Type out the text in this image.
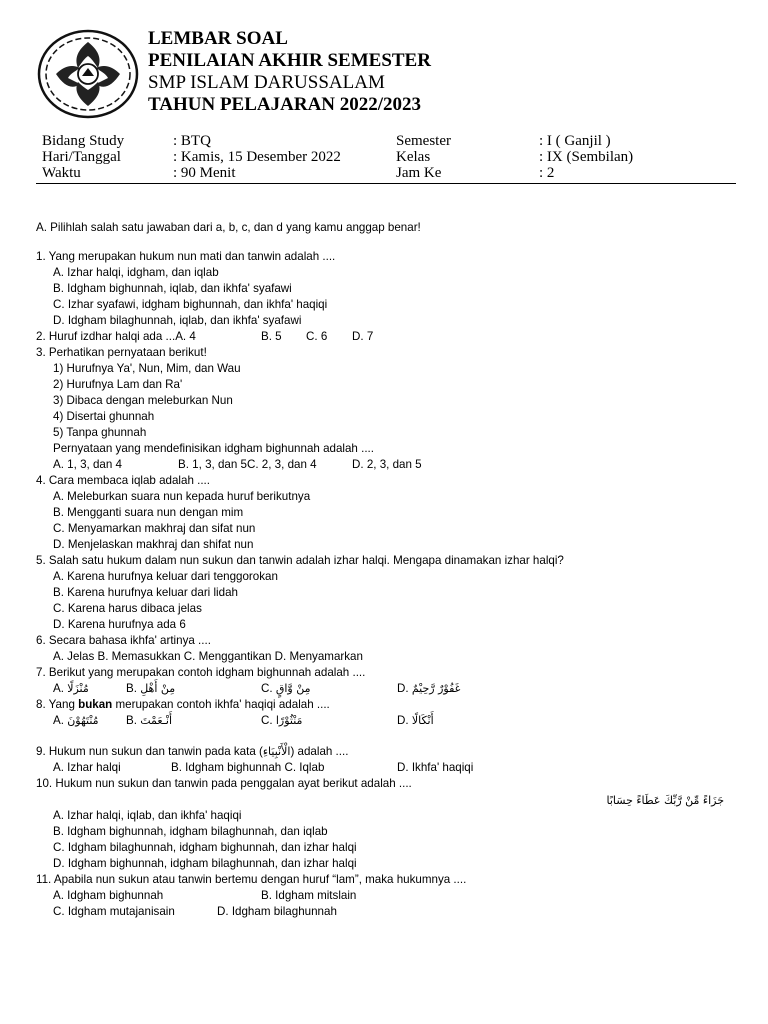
LEMBAR SOAL
PENILAIAN AKHIR SEMESTER
SMP ISLAM DARUSSALAM
TAHUN PELAJARAN 2022/2023
Bidang Study	: BTQ	Semester	: I ( Ganjil )
Hari/Tanggal	: Kamis, 15 Desember 2022	Kelas	: IX (Sembilan)
Waktu	: 90 Menit	Jam Ke	: 2
A. Pilihlah salah satu jawaban dari a, b, c, dan d yang kamu anggap benar!
1. Yang merupakan hukum nun mati dan tanwin adalah ....
A. Izhar halqi, idgham, dan iqlab
B. Idgham bighunnah, iqlab, dan ikhfa' syafawi
C. Izhar syafawi, idgham bighunnah, dan ikhfa' haqiqi
D. Idgham bilaghunnah, iqlab, dan ikhfa' syafawi
2. Huruf izdhar halqi ada ...A. 4	B. 5 C. 6 D. 7
3. Perhatikan pernyataan berikut!
1) Hurufnya Ya', Nun, Mim, dan Wau
2) Hurufnya Lam dan Ra'
3) Dibaca dengan meleburkan Nun
4) Disertai ghunnah
5) Tanpa ghunnah
Pernyataan yang mendefinisikan idgham bighunnah adalah ....
A. 1, 3, dan 4	B. 1, 3, dan 5C. 2, 3, dan 4	D. 2, 3, dan 5
4. Cara membaca iqlab adalah ....
A. Meleburkan suara nun kepada huruf berikutnya
B. Mengganti suara nun dengan mim
C. Menyamarkan makhraj dan sifat nun
D. Menjelaskan makhraj dan shifat nun
5. Salah satu hukum dalam nun sukun dan tanwin adalah izhar halqi. Mengapa dinamakan izhar halqi?
A. Karena hurufnya keluar dari tenggorokan
B. Karena hurufnya keluar dari lidah
C. Karena harus dibaca jelas
D. Karena hurufnya ada 6
6. Secara bahasa ikhfa' artinya ....
A. Jelas B. Memasukkan C. Menggantikan D. Menyamarkan
7. Berikut yang merupakan contoh idgham bighunnah adalah ....
A. مُنْزَلًا	B. مِنْ أَهْلِ	C. مِنْ وَّاقٍ	D. غَفُوْرٌ رَّحِيْمٌ
8. Yang bukan merupakan contoh ikhfa' haqiqi adalah ....
A. مُنْتَهُوْنَ B. أَنْـعَمْتَ	C. مَنْثُوْرًا	D. أَنْكَالًا
9. Hukum nun sukun dan tanwin pada kata (الْأَنْبِيَاءِ) adalah ....
A. Izhar halqi	B. Idgham bighunnah C. Iqlab	D. Ikhfa' haqiqi
10. Hukum nun sukun dan tanwin pada penggalan ayat berikut adalah ....
جَزَاءً مِّنْ رَّبِّكَ عَطَاءً حِسَابًا
A. Izhar halqi, iqlab, dan ikhfa' haqiqi
B. Idgham bighunnah, idgham bilaghunnah, dan iqlab
C. Idgham bilaghunnah, idgham bighunnah, dan izhar halqi
D. Idgham bighunnah, idgham bilaghunnah, dan izhar halqi
11. Apabila nun sukun atau tanwin bertemu dengan huruf “lam”, maka hukumnya ....
A. Idgham bighunnah	B. Idgham mitslain
C. Idgham mutajanisain	D. Idgham bilaghunnah
